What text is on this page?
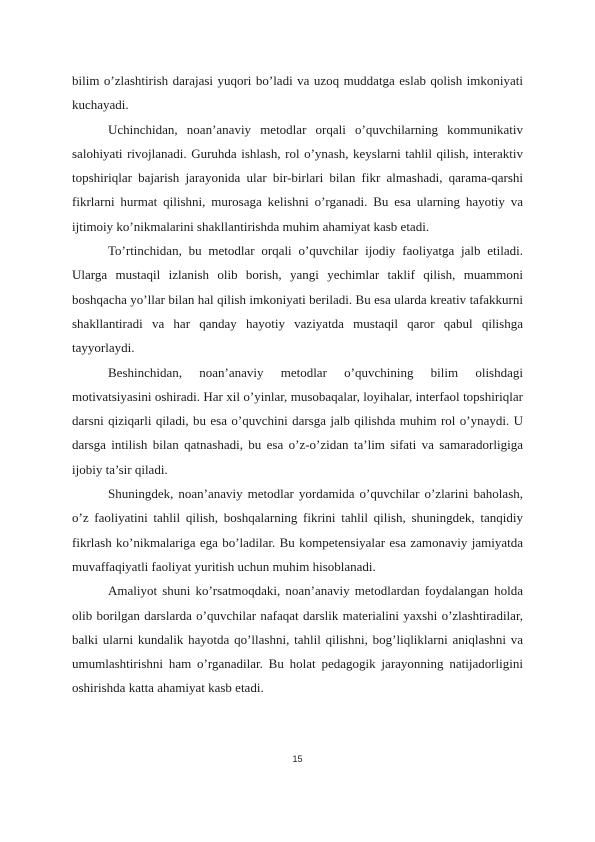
bilim o’zlashtirish darajasi yuqori bo’ladi va uzoq muddatga eslab qolish imkoniyati kuchayadi.

Uchinchidan, noan’anaviy metodlar orqali o’quvchilarning kommunikativ salohiyati rivojlanadi. Guruhda ishlash, rol o’ynash, keyslarni tahlil qilish, interaktiv topshiriqlar bajarish jarayonida ular bir-birlari bilan fikr almashadi, qarama-qarshi fikrlarni hurmat qilishni, murosaga kelishni o’rganadi. Bu esa ularning hayotiy va ijtimoiy ko’nikmalarini shakllantirishda muhim ahamiyat kasb etadi.

To’rtinchidan, bu metodlar orqali o’quvchilar ijodiy faoliyatga jalb etiladi. Ularga mustaqil izlanish olib borish, yangi yechimlar taklif qilish, muammoni boshqacha yo’llar bilan hal qilish imkoniyati beriladi. Bu esa ularda kreativ tafakkurni shakllantiradi va har qanday hayotiy vaziyatda mustaqil qaror qabul qilishga tayyorlaydi.

Beshinchidan, noan’anaviy metodlar o’quvchining bilim olishdagi motivatsiyasini oshiradi. Har xil o’yinlar, musobaqalar, loyihalar, interfaol topshiriqlar darsni qiziqarli qiladi, bu esa o’quvchini darsga jalb qilishda muhim rol o’ynaydi. U darsga intilish bilan qatnashadi, bu esa o’z-o’zidan ta’lim sifati va samaradorligiga ijobiy ta’sir qiladi.

Shuningdek, noan’anaviy metodlar yordamida o’quvchilar o’zlarini baholash, o’z faoliyatini tahlil qilish, boshqalarning fikrini tahlil qilish, shuningdek, tanqidiy fikrlash ko’nikmalariga ega bo’ladilar. Bu kompetensiyalar esa zamonaviy jamiyatda muvaffaqiyatli faoliyat yuritish uchun muhim hisoblanadi.

Amaliyot shuni ko’rsatmoqdaki, noan’anaviy metodlardan foydalangan holda olib borilgan darslarda o’quvchilar nafaqat darslik materialini yaxshi o’zlashtiradilar, balki ularni kundalik hayotda qo’llashni, tahlil qilishni, bog’liqliklarni aniqlashni va umumlashtirishni ham o’rganadilar. Bu holat pedagogik jarayonning natijadorligini oshirishda katta ahamiyat kasb etadi.

15
